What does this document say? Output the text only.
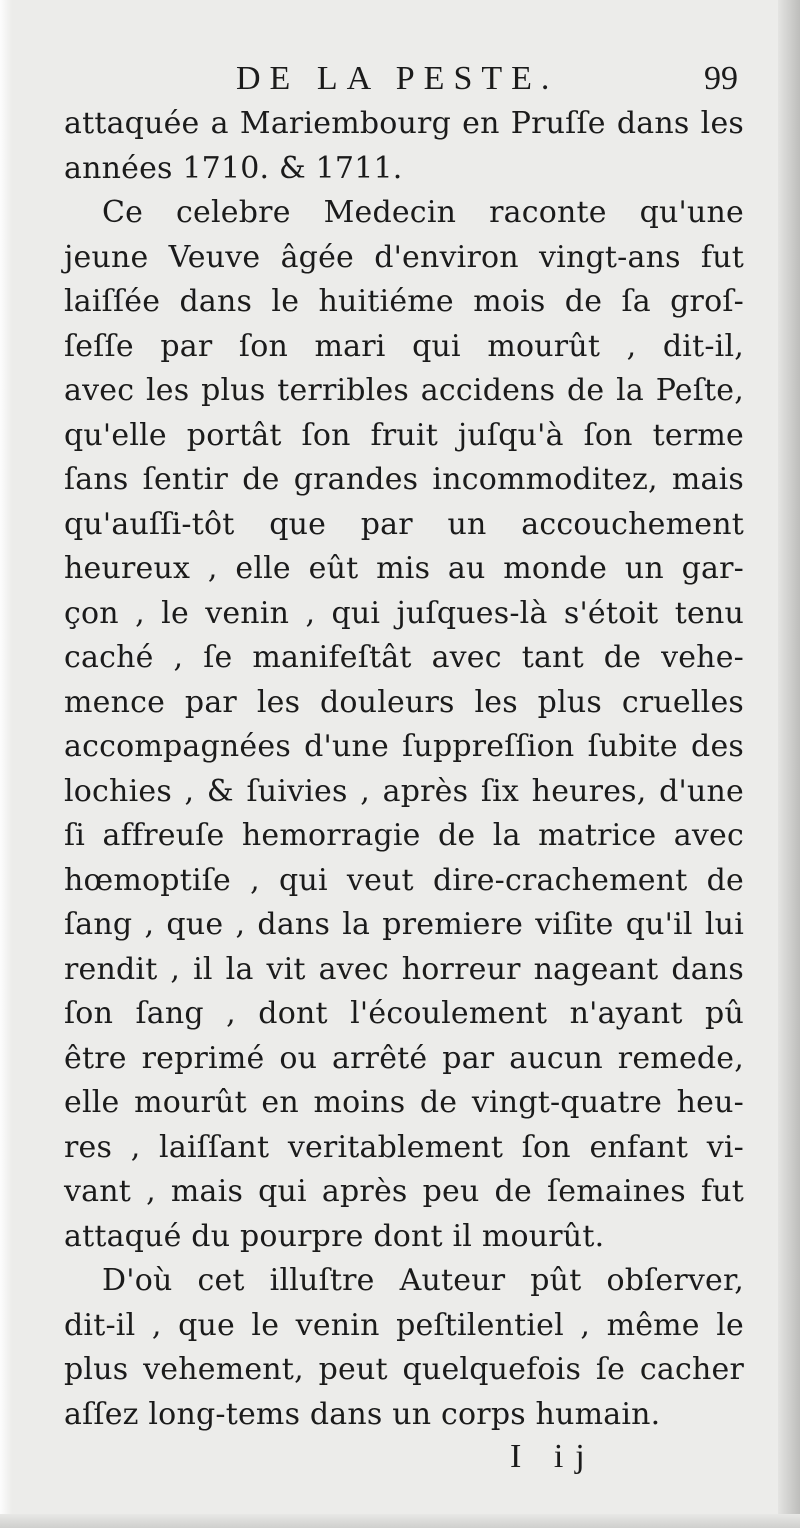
DE LA PESTE.	99
attaquée a Mariembourg en Pruſſe dans les
années 1710. & 1711.
Ce celebre Medecin raconte qu'une
jeune Veuve âgée d'environ vingt-ans fut
laiſſée dans le huitiéme mois de ſa groſ-
ſeſſe par ſon mari qui mourût , dit-il,
avec les plus terribles accidens de la Peſte,
qu'elle portât ſon fruit juſqu'à ſon terme
ſans ſentir de grandes incommoditez, mais
qu'auſſi-tôt que par un accouchement
heureux , elle eût mis au monde un gar-
çon , le venin , qui juſques-là s'étoit tenu
caché , ſe manifeſtât avec tant de vehe-
mence par les douleurs les plus cruelles
accompagnées d'une ſuppreſſion ſubite des
lochies , & ſuivies , après ſix heures, d'une
ſi affreuſe hemorragie de la matrice avec
hœmoptiſe , qui veut dire-crachement de
ſang , que , dans la premiere viſite qu'il lui
rendit , il la vit avec horreur nageant dans
ſon ſang , dont l'écoulement n'ayant pû
être reprimé ou arrêté par aucun remede,
elle mourût en moins de vingt-quatre heu-
res , laiſſant veritablement ſon enfant vi-
vant , mais qui après peu de ſemaines fut
attaqué du pourpre dont il mourût.
D'où cet illuſtre Auteur pût obſerver,
dit-il , que le venin peſtilentiel , même le
plus vehement, peut quelquefois ſe cacher
aſſez long-tems dans un corps humain.
I ij
